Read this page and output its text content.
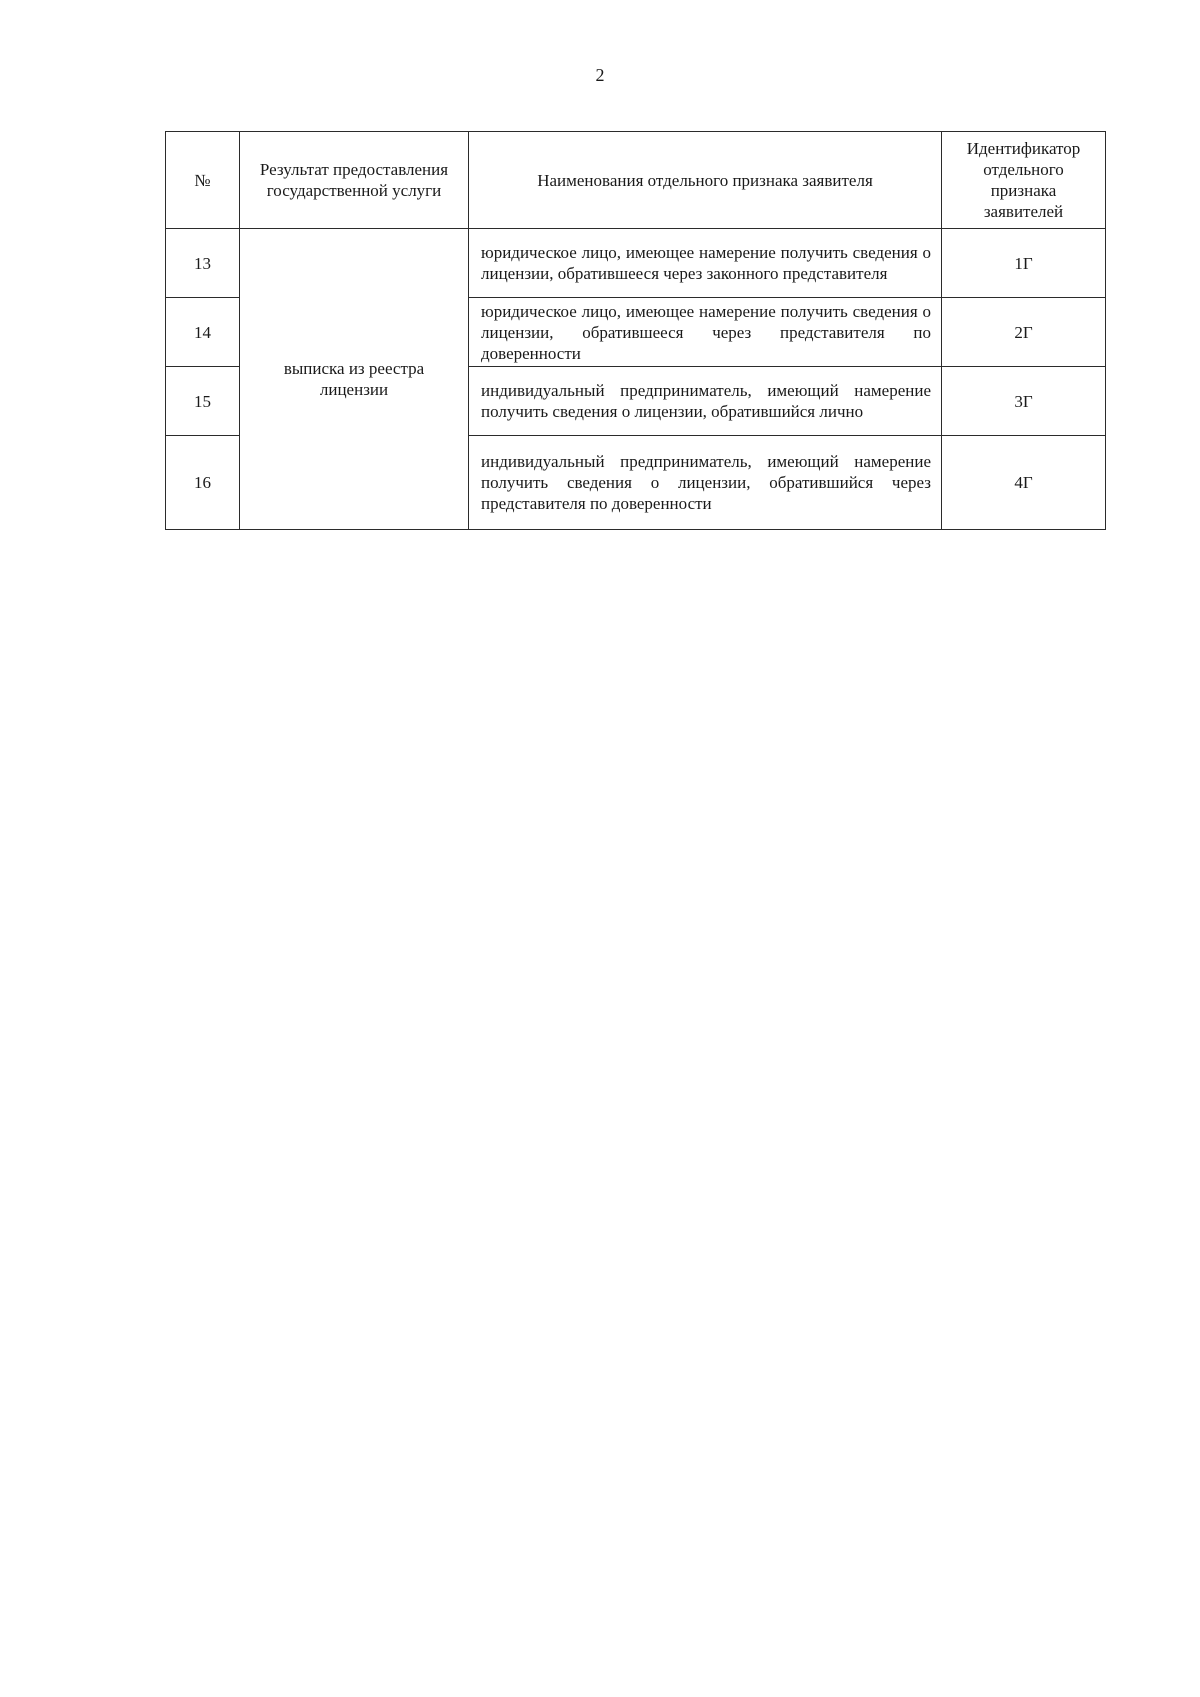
2
№	Результат предоставления государственной услуги	Наименования отдельного признака заявителя	Идентификатор отдельного признака заявителей
13	выписка из реестра лицензии	юридическое лицо, имеющее намерение получить сведения о лицензии, обратившееся через законного представителя	1Г
14		юридическое лицо, имеющее намерение получить сведения о лицензии, обратившееся через представителя по доверенности	2Г
15		индивидуальный предприниматель, имеющий намерение получить сведения о лицензии, обратившийся лично	3Г
16		индивидуальный предприниматель, имеющий намерение получить сведения о лицензии, обратившийся через представителя по доверенности	4Г
